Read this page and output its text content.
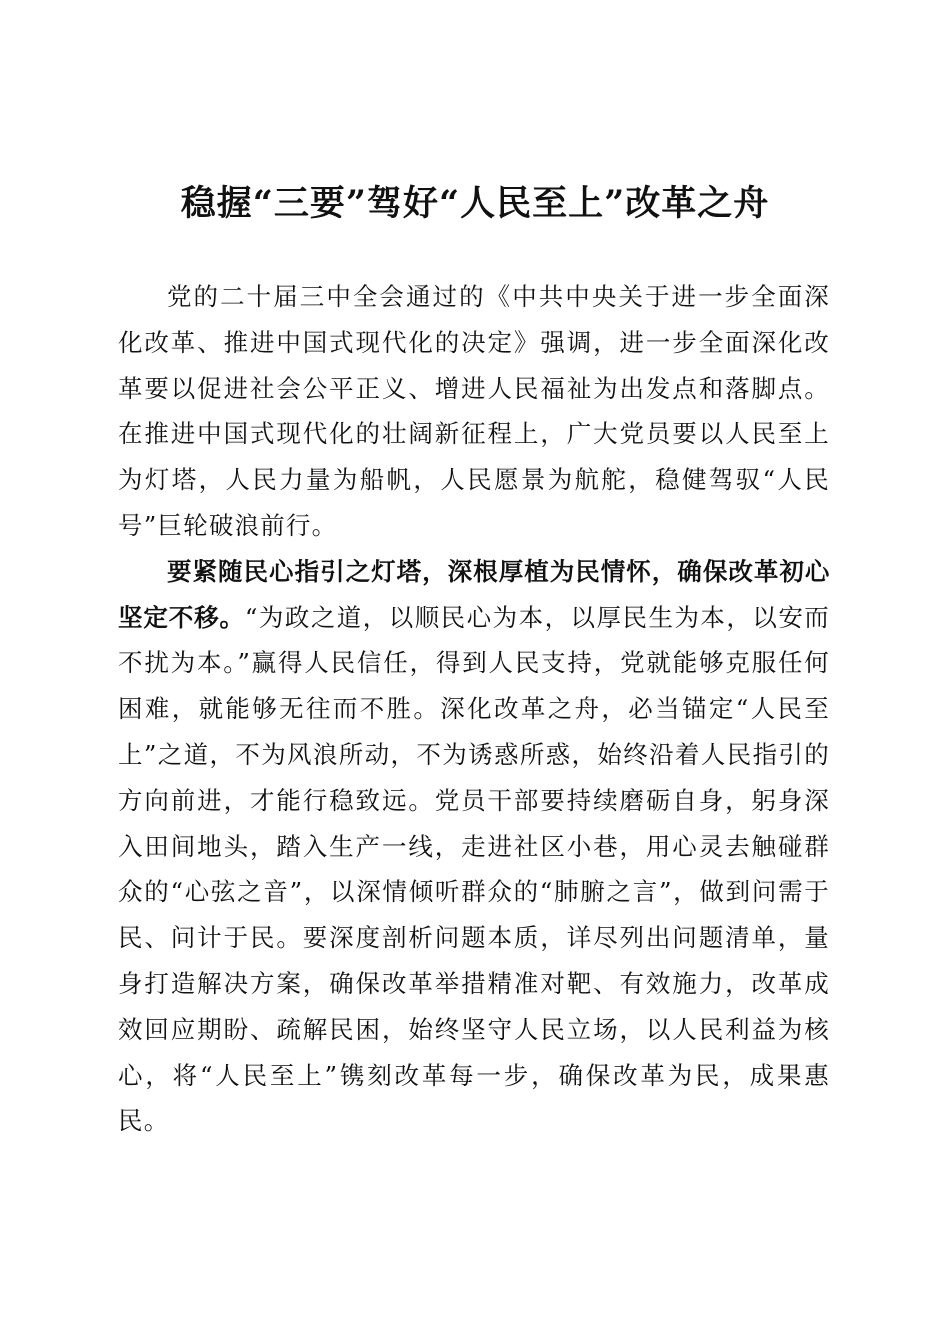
稳握“三要”驾好“人民至上”改革之舟

党的二十届三中全会通过的《中共中央关于进一步全面深化改革、推进中国式现代化的决定》强调，进一步全面深化改革要以促进社会公平正义、增进人民福祉为出发点和落脚点。在推进中国式现代化的壮阔新征程上，广大党员要以人民至上为灯塔，人民力量为船帆，人民愿景为航舵，稳健驾驭“人民号”巨轮破浪前行。

要紧随民心指引之灯塔，深根厚植为民情怀，确保改革初心坚定不移。“为政之道，以顺民心为本，以厚民生为本，以安而不扰为本。”赢得人民信任，得到人民支持，党就能够克服任何困难，就能够无往而不胜。深化改革之舟，必当锚定“人民至上”之道，不为风浪所动，不为诱惑所惑，始终沿着人民指引的方向前进，才能行稳致远。党员干部要持续磨砺自身，躬身深入田间地头，踏入生产一线，走进社区小巷，用心灵去触碰群众的“心弦之音”，以深情倾听群众的“肺腑之言”，做到问需于民、问计于民。要深度剖析问题本质，详尽列出问题清单，量身打造解决方案，确保改革举措精准对靶、有效施力，改革成效回应期盼、疏解民困，始终坚守人民立场，以人民利益为核心，将“人民至上”镌刻改革每一步，确保改革为民，成果惠民。
